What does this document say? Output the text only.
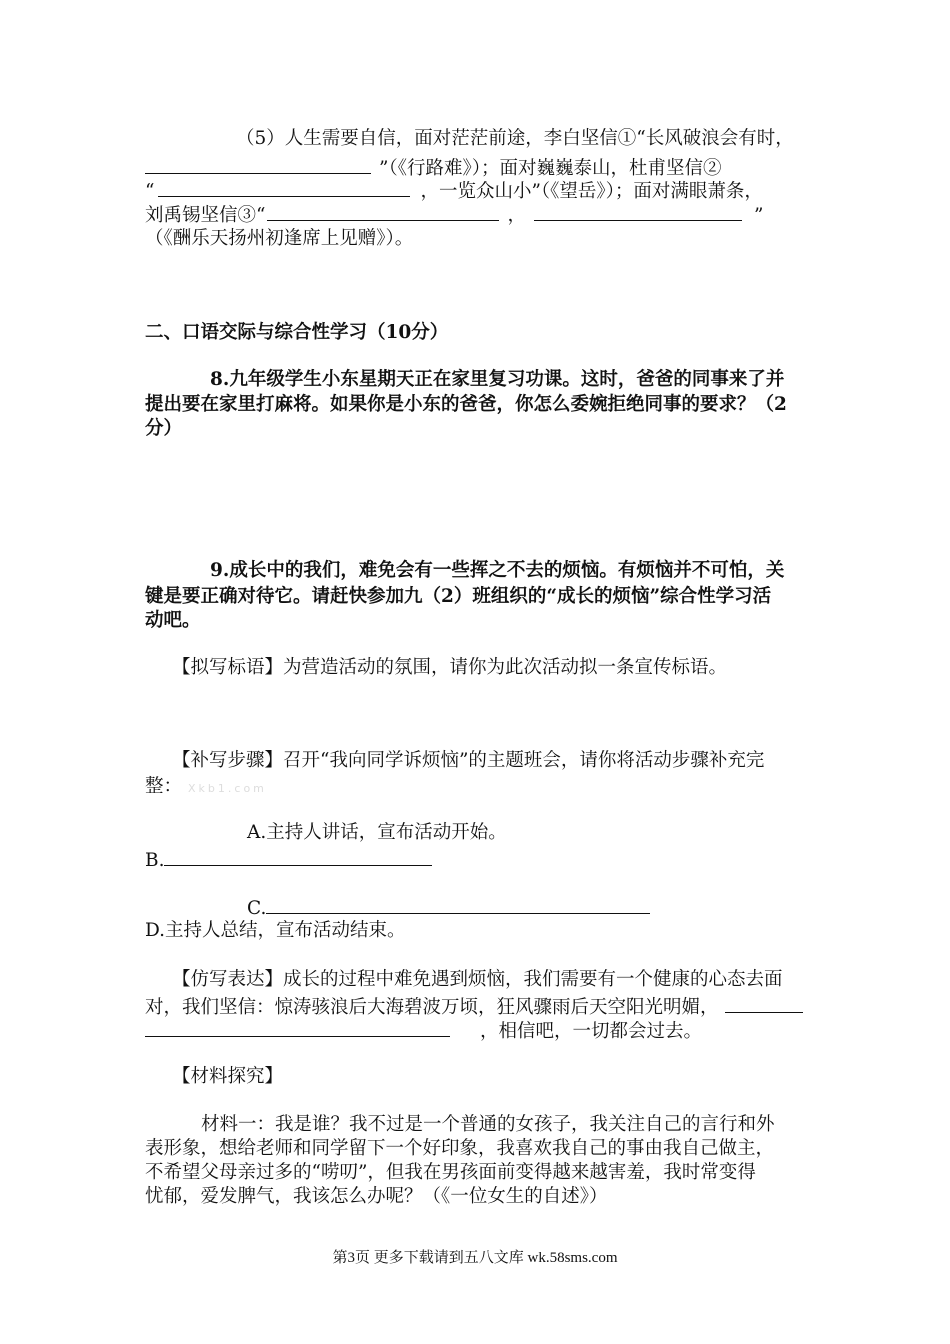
（5）人生需要自信，面对茫茫前途，李白坚信①“长风破浪会有时，
”（《行路难》）；面对巍巍泰山，杜甫坚信②
“	，一览众山小”（《望岳》）；面对满眼萧条，
刘禹锡坚信③“	，	”
（《酬乐天扬州初逢席上见赠》）。
二、口语交际与综合性学习（10分）
8.九年级学生小东星期天正在家里复习功课。这时，爸爸的同事来了并
提出要在家里打麻将。如果你是小东的爸爸，你怎么委婉拒绝同事的要求？（2
分）
9.成长中的我们，难免会有一些挥之不去的烦恼。有烦恼并不可怕，关
键是要正确对待它。请赶快参加九（2）班组织的“成长的烦恼”综合性学习活
动吧。
【拟写标语】为营造活动的氛围，请你为此次活动拟一条宣传标语。
【补写步骤】召开“我向同学诉烦恼”的主题班会，请你将活动步骤补充完
整： Xkb1.com
A.主持人讲话，宣布活动开始。
B.
C.
D.主持人总结，宣布活动结束。
【仿写表达】成长的过程中难免遇到烦恼，我们需要有一个健康的心态去面
对，我们坚信：惊涛骇浪后大海碧波万顷，狂风骤雨后天空阳光明媚，
，相信吧，一切都会过去。
【材料探究】
材料一：我是谁？我不过是一个普通的女孩子，我关注自己的言行和外
表形象，想给老师和同学留下一个好印象，我喜欢我自己的事由我自己做主，
不希望父母亲过多的“唠叨”，但我在男孩面前变得越来越害羞，我时常变得
忧郁，爱发脾气，我该怎么办呢？（《一位女生的自述》）
第3页 更多下载请到五八文库 wk.58sms.com
